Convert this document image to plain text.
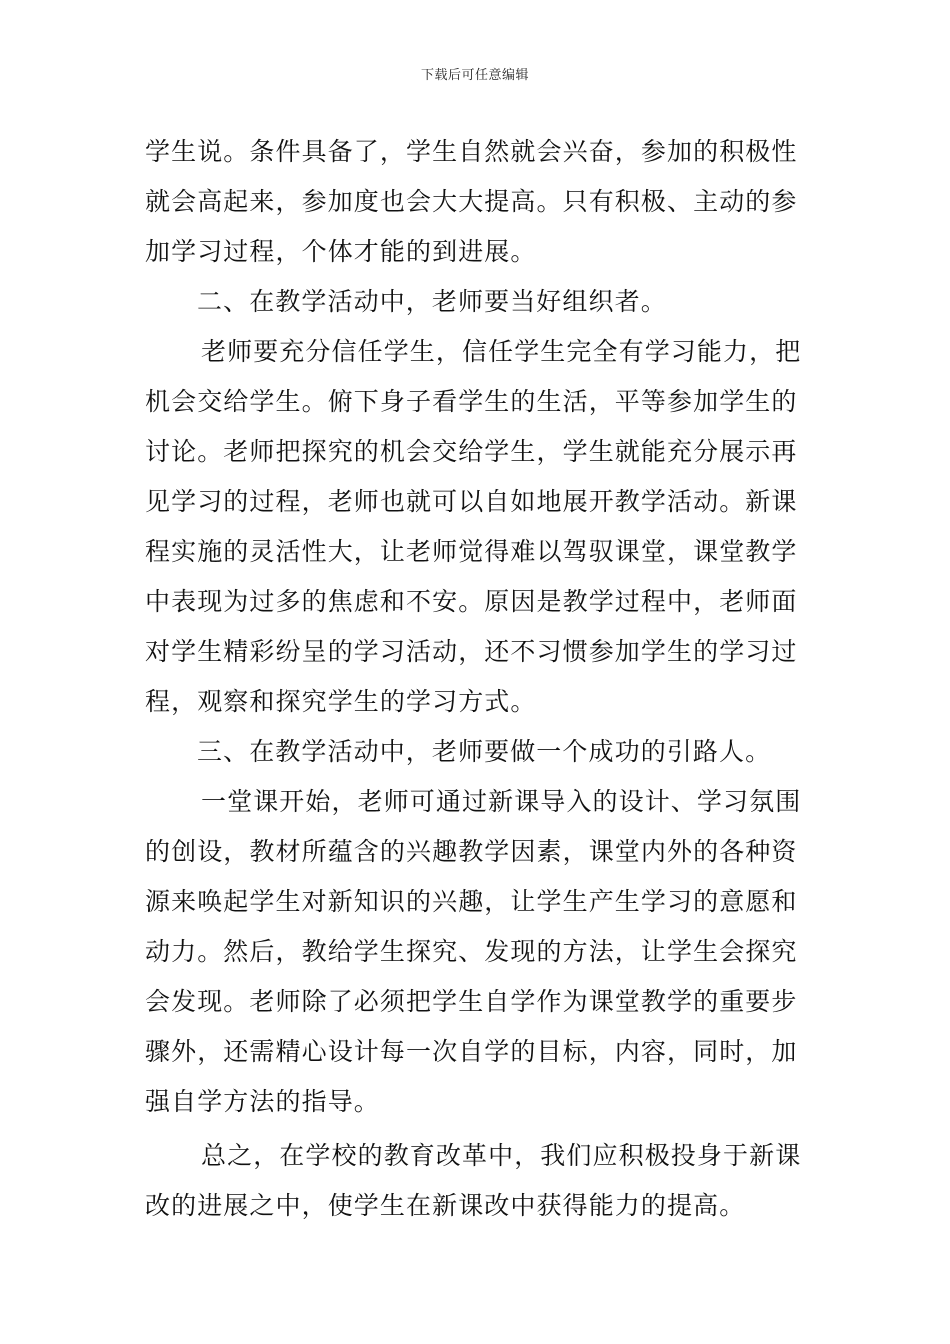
下载后可任意编辑
学生说。条件具备了，学生自然就会兴奋，参加的积极性
就会高起来，参加度也会大大提高。只有积极、主动的参
加学习过程，个体才能的到进展。
二、在教学活动中，老师要当好组织者。
老师要充分信任学生，信任学生完全有学习能力，把
机会交给学生。俯下身子看学生的生活，平等参加学生的
讨论。老师把探究的机会交给学生，学生就能充分展示再
见学习的过程，老师也就可以自如地展开教学活动。新课
程实施的灵活性大，让老师觉得难以驾驭课堂，课堂教学
中表现为过多的焦虑和不安。原因是教学过程中，老师面
对学生精彩纷呈的学习活动，还不习惯参加学生的学习过
程，观察和探究学生的学习方式。
三、在教学活动中，老师要做一个成功的引路人。
一堂课开始，老师可通过新课导入的设计、学习氛围
的创设，教材所蕴含的兴趣教学因素，课堂内外的各种资
源来唤起学生对新知识的兴趣，让学生产生学习的意愿和
动力。然后，教给学生探究、发现的方法，让学生会探究
会发现。老师除了必须把学生自学作为课堂教学的重要步
骤外，还需精心设计每一次自学的目标，内容，同时，加
强自学方法的指导。
总之，在学校的教育改革中，我们应积极投身于新课
改的进展之中，使学生在新课改中获得能力的提高。
